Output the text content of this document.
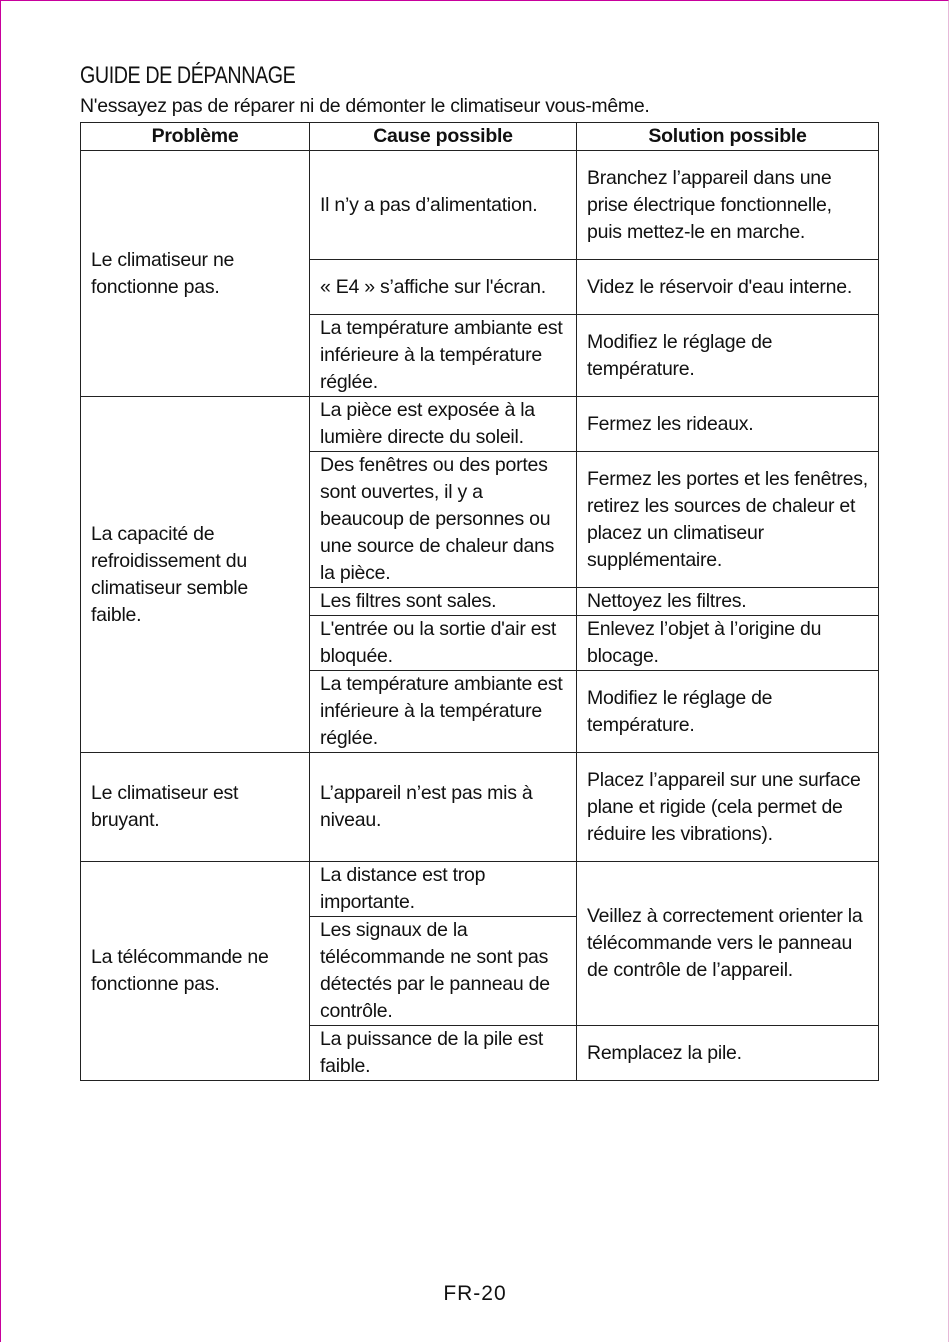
GUIDE DE DÉPANNAGE
N'essayez pas de réparer ni de démonter le climatiseur vous-même.
Problème	Cause possible	Solution possible
Le climatiseur ne fonctionne pas.	Il n’y a pas d’alimentation.	Branchez l’appareil dans une prise électrique fonctionnelle, puis mettez-le en marche.
	« E4 » s’affiche sur l'écran.	Videz le réservoir d'eau interne.
	La température ambiante est inférieure à la température réglée.	Modifiez le réglage de température.
La capacité de refroidissement du climatiseur semble faible.	La pièce est exposée à la lumière directe du soleil.	Fermez les rideaux.
	Des fenêtres ou des portes sont ouvertes, il y a beaucoup de personnes ou une source de chaleur dans la pièce.	Fermez les portes et les fenêtres, retirez les sources de chaleur et placez un climatiseur supplémentaire.
	Les filtres sont sales.	Nettoyez les filtres.
	L'entrée ou la sortie d'air est bloquée.	Enlevez l’objet à l’origine du blocage.
	La température ambiante est inférieure à la température réglée.	Modifiez le réglage de température.
Le climatiseur est bruyant.	L’appareil n’est pas mis à niveau.	Placez l’appareil sur une surface plane et rigide (cela permet de réduire les vibrations).
La télécommande ne fonctionne pas.	La distance est trop importante.	Veillez à correctement orienter la télécommande vers le panneau de contrôle de l’appareil.
	Les signaux de la télécommande ne sont pas détectés par le panneau de contrôle.	
	La puissance de la pile est faible.	Remplacez la pile.
FR-20
